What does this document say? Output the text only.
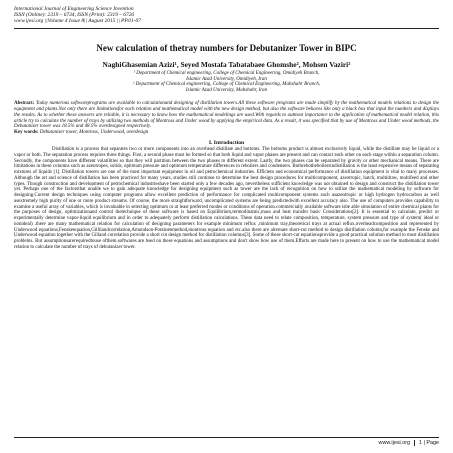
International Journal of Engineering Science Invention
ISSN (Online): 2319 – 6734, ISSN (Print): 2319 – 6726
www.ijesi.org ||Volume 4 Issue 8|| August 2015 || PP.01-07
New calculation of thetray numbers for Debutanizer Tower in BIPC
NaghiGhasemian Azizi¹, Seyed Mostafa Tabatabaee Ghomshe², Mohsen Vaziri²
¹ Department of Chemical engineering, College of Chemical Engineering, Omidiyeh Branch,
Islamic Azad University, Omidiyeh, Iran
² Department of Chemical engineering, College of Chemical Engineering, Mahshahr Branch,
Islamic Azad University, Mahshahr, Iran
Abstract: Today numerous softwareprograms are available to calculationand designing of distillation towers.All these software programs are made simplify by the mathematical models relations to design the equipment and plants.Not only there are limitationsfor each relation and mathematical model with the new design method, but also the software behaves like only a black box that input the numbers and displays the results. As to whether these answers are reliable, it is necessary to know how the mathematical modelings are used.With regards to outmost importance to the application of mathematical model relation, this article try to calculate the number of trays by utilizing two methods of Montross and Under wood by applying the empirical data. As a result, it was specified that by use of Montross and Under wood methods, the Debutanizer tower was 18.5% and 48.5% overdesigned respectively.
Key words: Debutanizer tower, Montross, Underwood, overdesign
I. Introduction

Distillation is a process that separates two or more components into an overhead distillate and bottoms. The bottoms product is almost exclusively liquid, while the distillate may be liquid or a vapor or both. The separation process requires three things. First, a second phase must be formed so that both liquid and vapor phases are present and can contact each other on each stage within a separation column. Secondly, the components have different volatilities so that they will partition between the two phases to different extent. Lastly, the two phases can be separated by gravity or other mechanical means. There are limitations in these columns such as azeotropes, solids, optimum pressure and optimum temperature differences in reboilers and condensers. Bothrebotheboilersindistillation is the least expensive means of separating mixtures of liquids [1]. Distillation towers are one of the most important equipment in oil and petrochemical industries. Efficient and economical performance of distillation equipment is vital to many processes. Although the art and science of distillation has been practiced for many years, studies still continue to determine the best design procedures for multicomponent, azeotropic, batch, multidraw, multifeed and other types. Though construction and development of petrochemical industrieshave been started only a few decades ago, nevertheless sufficient knowledge was not obtained to design and construct the distillation tower yet. Perhaps one of the factorsthat unable we to gain adequate knowledge for designing equipment such as tower are the lack of recognition on how to utilize the mathematical modeling by software for designing.Current design techniques using computer programs allow excellent prediction of performance for complicated multicomponent systems such asazeotropic or high hydrogen hydrocarbon as well asextremely high purity of one or more product streams. Of course, the more straightforward, uncomplicated systems are being predictedwith excellent accuracy also. The use of computers provides capability to examine a useful array of variables, which is invaluable in selecting optimum or at least preferred modes or conditions of operation.commercially available software isbe able simulation of entire chemical plants for the purposes of design, optimizationand control thetechnique of these software is based on Equilibrium,termodinamic,mass and heat transfer basic Considerations[2]. It is essential to calculate, predict or experimentally determine vapor-liquid equilibrium and in order to adequately perform distillation calculations. These data need to relate composition, temperature, system pressure and type of system( ideal or nonideal) .there are many mathematical relation for calculation of designing parameters for example minimum reflux ,minimum tray,theoretical trays at actual reflux,overheadcomposition and represented by Underwood equations,Fenskeequation,Gillilandcorrelation,Amundson-Pontinenmethod,montross equation and etc.also there are alternate short-cut method to design distillation column,for example the Fenske and Underwood equation together with the Gilland correlation provide a short cut design method for distillation columns[3]. Some of these short-cut equationsprovide a good practical solution method to most distillation problems. But assumptionsarerequiredtouse ofthem.softwares are bsed on these equations and assumptions and don't show how use of them.Efforts are made here to present on how to use the mathematical model relation to calculate the number of trays of debutanizer tower.

www.ijesi.org 1 | Page
